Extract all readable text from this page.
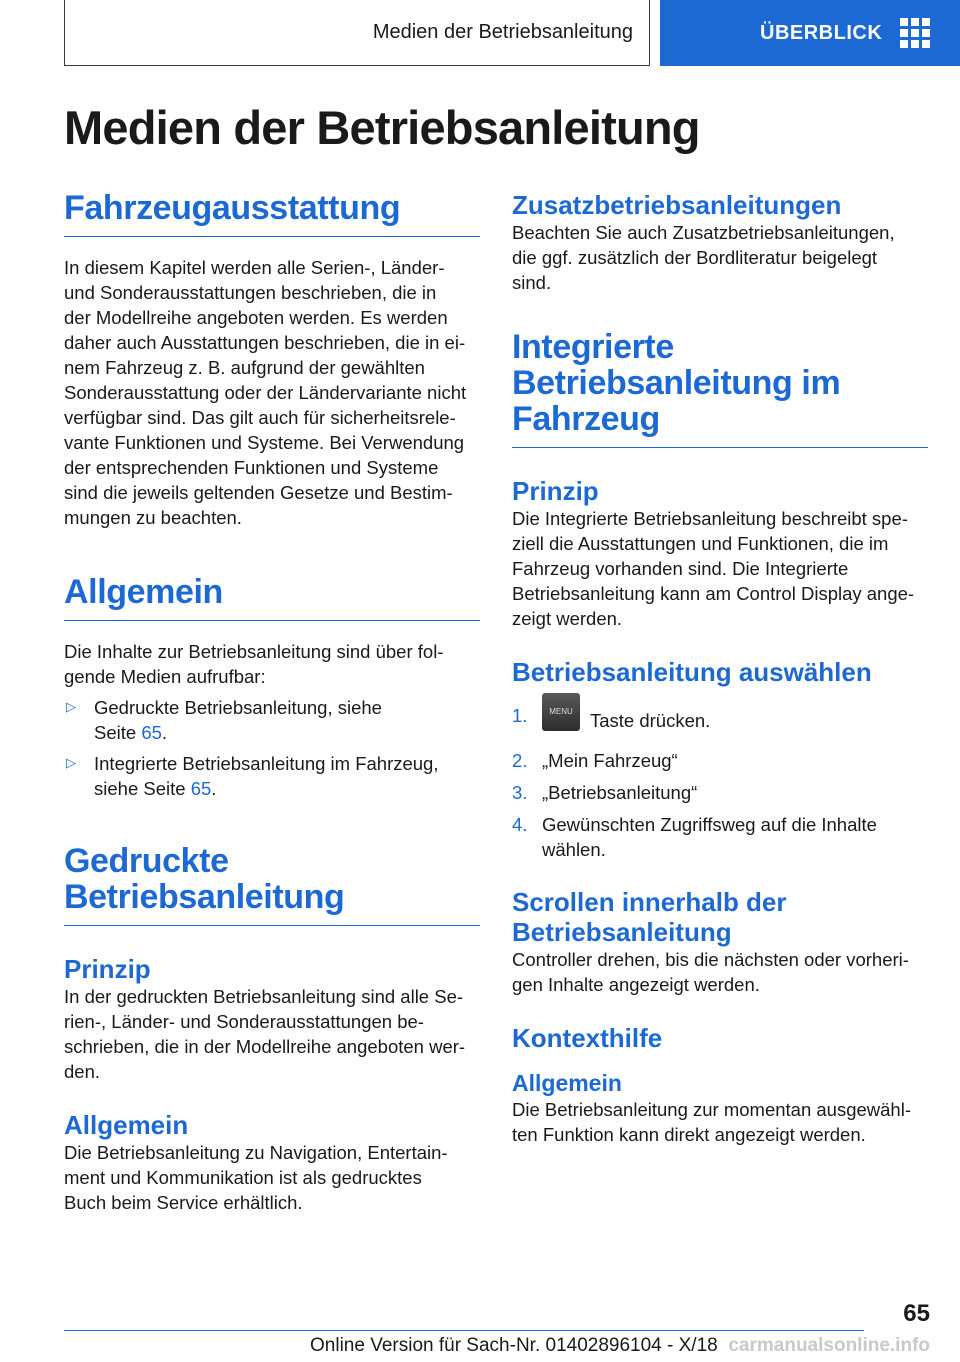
Medien der Betriebsanleitung	ÜBERBLICK
Medien der Betriebsanleitung
Fahrzeugausstattung

In diesem Kapitel werden alle Serien-, Länder-
und Sonderausstattungen beschrieben, die in
der Modellreihe angeboten werden. Es werden
daher auch Ausstattungen beschrieben, die in ei-
nem Fahrzeug z. B. aufgrund der gewählten
Sonderausstattung oder der Ländervariante nicht
verfügbar sind. Das gilt auch für sicherheitsrele-
vante Funktionen und Systeme. Bei Verwendung
der entsprechenden Funktionen und Systeme
sind die jeweils geltenden Gesetze und Bestim-
mungen zu beachten.

Allgemein

Die Inhalte zur Betriebsanleitung sind über fol-
gende Medien aufrufbar:

▷ Gedruckte Betriebsanleitung, siehe
Seite 65.
▷ Integrierte Betriebsanleitung im Fahrzeug,
siehe Seite 65.
Gedruckte
Betriebsanleitung
Prinzip

In der gedruckten Betriebsanleitung sind alle Se-
rien-, Länder- und Sonderausstattungen be-
schrieben, die in der Modellreihe angeboten wer-
den.

Allgemein

Die Betriebsanleitung zu Navigation, Entertain-
ment und Kommunikation ist als gedrucktes
Buch beim Service erhältlich.

Zusatzbetriebsanleitungen

Beachten Sie auch Zusatzbetriebsanleitungen,
die ggf. zusätzlich der Bordliteratur beigelegt
sind.

Integrierte
Betriebsanleitung im
Fahrzeug
Prinzip

Die Integrierte Betriebsanleitung beschreibt spe-
ziell die Ausstattungen und Funktionen, die im
Fahrzeug vorhanden sind. Die Integrierte
Betriebsanleitung kann am Control Display ange-
zeigt werden.

Betriebsanleitung auswählen
1.	MENU Taste drücken.
2. „Mein Fahrzeug“
3. „Betriebsanleitung“
4. Gewünschten Zugriffsweg auf die Inhalte
wählen.
Scrollen innerhalb der
Betriebsanleitung

Controller drehen, bis die nächsten oder vorheri-
gen Inhalte angezeigt werden.

Kontexthilfe
Allgemein

Die Betriebsanleitung zur momentan ausgewähl-
ten Funktion kann direkt angezeigt werden.

65
Online Version für Sach-Nr. 01402896104 - X/18 carmanualsonline.info
